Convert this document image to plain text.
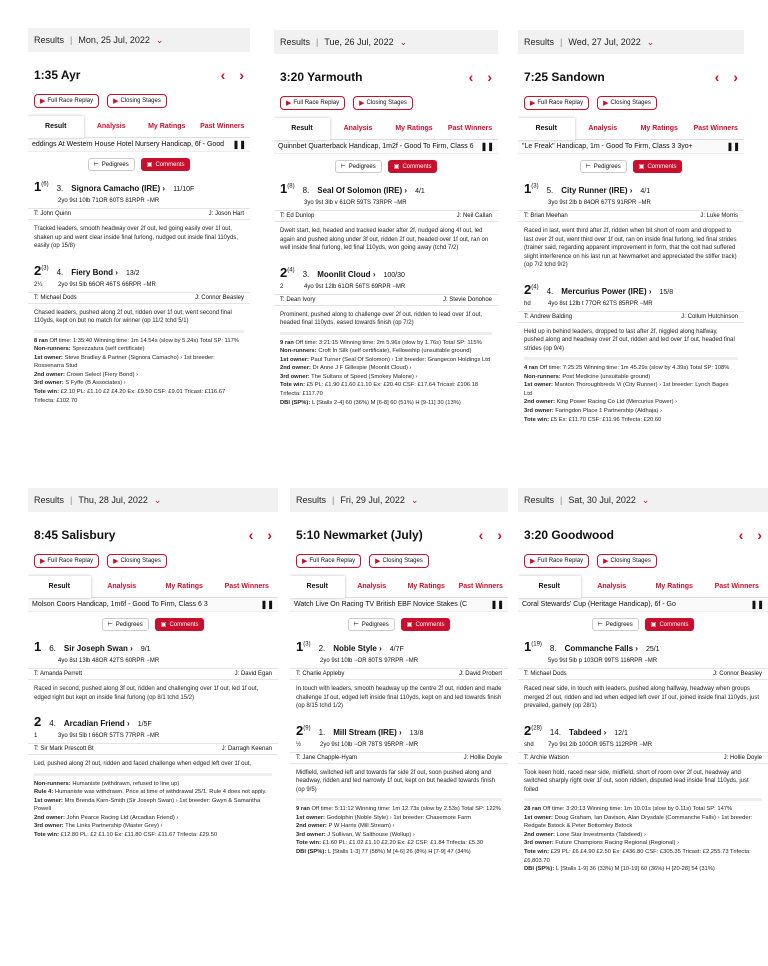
Results | Mon, 25 Jul, 2022 ⌄
1:35 Ayr	‹ ›
▶ Full Race Replay	▶ Closing Stages
Result	Analysis	My Ratings	Past Winners
eddings At Western House Hotel Nursery Handicap, 6f - Good ❚❚
⊢ Pedigrees	▣ Comments
1$^{(6)}$ 3. Signora Camacho (IRE) › 11/10F
2yo 9st 10lb 71OR 60TS 81RPR −MR
T: John Quinn	J: Joson Hart
Tracked leaders, smooth headway over 2f out, led going easily over 1f out, shaken up and went clear inside final furlong, nudged out inside final 110yds, easily (op 15/8)
2$^{(3)}$ 4. Fiery Bond › 13/2
2¼	2yo 9st 5lb 66OR 46TS 66RPR −MR
T: Michael Dods	J: Connor Beasley
Chased leaders, pushed along 2f out, ridden over 1f out, went second final 110yds, kept on but no match for winner (op 11/2 tchd 5/1)
8 ran Off time: 1:35:40 Winning time: 1m 14.54s (slow by 5.24s) Total SP: 117%
Non-runners: Sprezzatura (self certificate)
1st owner: Steve Bradley & Partner (Signora Camacho) › 1st breeder: Rossenarra Stud
2nd owner: Crown Select (Fiery Bond) ›
3rd owner: S Fyffe (B Associates) ›
Tote win: £2.10 PL: £1.10 £2 £4.20 Ex: £9.50 CSF: £9.01 Tricast: £116.67 Trifecta: £102.70
Results | Tue, 26 Jul, 2022 ⌄
3:20 Yarmouth	‹ ›
▶ Full Race Replay	▶ Closing Stages
Result	Analysis	My Ratings	Past Winners
Quinnbet Quarterback Handicap, 1m2f - Good To Firm, Class 6 ❚❚
⊢ Pedigrees	▣ Comments
1$^{(8)}$ 8. Seal Of Solomon (IRE) › 4/1
3yo 9st 3lb v 61OR 59TS 73RPR −MR
T: Ed Dunlop	J: Neil Callan
Dwelt start, led, headed and tracked leader after 2f, nudged along 4f out, led again and pushed along under 3f out, ridden 2f out, headed over 1f out, ran on well inside final furlong, led final 110yds, won going away (tchd 7/2)
2$^{(4)}$ 3. Moonlit Cloud › 100/30
2	4yo 9st 12lb 61OR 56TS 69RPR −MR
T: Dean Ivory	J: Stevie Donohoe
Prominent, pushed along to challenge over 2f out, ridden to lead over 1f out, headed final 110yds, eased towards finish (op 7/2)
9 ran Off time: 3:21:15 Winning time: 2m 5.96s (slow by 1.76s) Total SP: 115%
Non-runners: Croft In Silk (self certificate), Fellowship (unsuitable ground)
1st owner: Paul Turner (Seal Of Solomon) › 1st breeder: Grangecon Holdings Ltd
2nd owner: Dr Anne J F Gillespie (Moonlit Cloud) ›
3rd owner: The Sultans of Speed (Smokey Malone) ›
Tote win: £5 PL: £1.90 £1.60 £1.10 Ex: £20.40 CSF: £17.64 Tricast: £106.18 Trifecta: £117.70
DBI (SP%): L [Stalls 2-4] 60 (36%) M [6-8] 60 (51%) H [9-11] 30 (13%)
Results | Wed, 27 Jul, 2022 ⌄
7:25 Sandown	‹ ›
▶ Full Race Replay	▶ Closing Stages
Result	Analysis	My Ratings	Past Winners
"Le Freak" Handicap, 1m - Good To Firm, Class 3 3yo+	❚❚
⊢ Pedigrees	▣ Comments
1$^{(3)}$ 5. City Runner (IRE) › 4/1
3yo 9st 2lb b 84OR 67TS 91RPR −MR
T: Brian Meehan	J: Luke Morris
Raced in last, went third after 2f, ridden when bit short of room and dropped to last over 2f out, went third over 1f out, ran on inside final furlong, led final strides (trainer said, regarding apparent improvement in form, that the colt had suffered slight interference on his last run at Newmarket and appreciated the stiffer track) (op 7/2 tchd 9/2)
2$^{(4)}$ 4. Mercurius Power (IRE) › 15/8
hd	4yo 8st 12lb t 77OR 62TS 85RPR −MR
T: Andrew Balding	J: Collum Hutchinson
Held up in behind leaders, dropped to last after 2f, niggled along halfway, pushed along and headway over 2f out, ridden and led over 1f out, headed final strides (op 9/4)
4 ran Off time: 7:25:25 Winning time: 1m 45.29s (slow by 4.39s) Total SP: 108%
Non-runners: Post Medicine (unsuitable ground)
1st owner: Manton Thoroughbreds Vi (City Runner) › 1st breeder: Lynch Bages Ltd
2nd owner: King Power Racing Co Ltd (Mercurius Power) ›
3rd owner: Faringdon Place 1 Partnership (Aldhaja) ›
Tote win: £5 Ex: £11.70 CSF: £11.96 Trifecta: £20.60
Results | Thu, 28 Jul, 2022 ⌄
8:45 Salisbury	‹ ›
▶ Full Race Replay	▶ Closing Stages
Result	Analysis	My Ratings	Past Winners
Molson Coors Handicap, 1m6f - Good To Firm, Class 6 3	❚❚
⊢ Pedigrees	▣ Comments
1 6. Sir Joseph Swan › 9/1
4yo 8st 13lb 48OR 42TS 60RPR −MR
T: Amanda Perrett	J: David Egan
Raced in second, pushed along 3f out, ridden and challenging over 1f out, led 1f out, edged right but kept on inside final furlong (op 8/1 tchd 15/2)
2 4. Arcadian Friend › 1/5F
1	3yo 9st 5lb t 66OR 57TS 77RPR −MR
T: Sir Mark Prescott Bt	J: Darragh Keenan
Led, pushed along 2f out, ridden and faced challenge when edged left over 1f out,
Non-runners: Humaniste (withdrawn, refused to line up)
Rule 4: Humaniste was withdrawn. Price at time of withdrawal 25/1. Rule 4 does not apply.
1st owner: Mrs Brenda Karn-Smith (Sir Joseph Swan) › 1st breeder: Gwyn & Samantha Powell
2nd owner: John Pearce Racing Ltd (Arcadian Friend) ›
3rd owner: The Links Partnership (Master Grey) ›
Tote win: £12.80 PL: £2 £1.10 Ex: £11.80 CSF: £11.67 Trifecta: £29.50
Results | Fri, 29 Jul, 2022 ⌄
5:10 Newmarket (July)	‹ ›
▶ Full Race Replay	▶ Closing Stages
Result	Analysis	My Ratings	Past Winners
Watch Live On Racing TV British EBF Novice Stakes (C	❚❚
⊢ Pedigrees	▣ Comments
1$^{(3)}$ 2. Noble Style › 4/7F
2yo 9st 10lb −OR 80TS 97RPR −MR
T: Charlie Appleby	J: David Probert
In touch with leaders, smooth headway up the centre 2f out, ridden and made challenge 1f out, edged left inside final 110yds, kept on and led towards finish (op 8/15 tchd 1/2)
2$^{(9)}$ 1. Mill Stream (IRE) › 13/8
½	2yo 9st 10lb −OR 78TS 95RPR −MR
T: Jane Chapple-Hyam	J: Hollie Doyle
Midfield, switched left and towards far side 2f out, soon pushed along and headway, ridden and led narrowly 1f out, kept on but headed towards finish (op 9/5)
9 ran Off time: 5:11:12 Winning time: 1m 12.73s (slow by 2.53s) Total SP: 122%
1st owner: Godolphin (Noble Style) › 1st breeder: Chasemore Farm
2nd owner: P W Harris (Mill Stream) ›
3rd owner: J Sullivan, W Salthouse (Wollup) ›
Tote win: £1.60 PL: £1.02 £1.10 £2.20 Ex: £2 CSF: £1.84 Trifecta: £5.30
DBI (SP%): L [Stalls 1-3] 77 (58%) M [4-6] 26 (8%) H [7-9] 47 (34%)
Results | Sat, 30 Jul, 2022 ⌄
3:20 Goodwood	‹ ›
▶ Full Race Replay	▶ Closing Stages
Result	Analysis	My Ratings	Past Winners
Coral Stewards' Cup (Heritage Handicap), 6f - Go	❚❚
⊢ Pedigrees	▣ Comments
1$^{(19)}$ 8. Commanche Falls › 25/1
5yo 9st 5lb p 103OR 99TS 116RPR −MR
T: Michael Dods	J: Connor Beasley
Raced near side, in touch with leaders, pushed along halfway, headway when groups merged 2f out, ridden and led when edged left over 1f out, joined inside final 110yds, just prevailed, gamely (op 28/1)
2$^{(28)}$ 14. Tabdeed › 12/1
shd 7yo 9st 2lb 100OR 95TS 112RPR −MR
T: Archie Watson	J: Hollie Doyle
Took keen hold, raced near side, midfield, short of room over 2f out, headway and switched sharply right over 1f out, soon ridden, disputed lead inside final 110yds, just foiled
28 ran Off time: 3:20:13 Winning time: 1m 10.01s (slow by 0.11s) Total SP: 147%
1st owner: Doug Graham, Ian Davison, Alan Drysdale (Commanche Falls) › 1st breeder: Redgate Bstock & Peter Bottomley Bstock
2nd owner: Lone Star Investments (Tabdeed) ›
3rd owner: Future Champions Racing Regional (Regional) ›
Tote win: £29 PL: £6 £4.90 £2.50 Ex: £436.80 CSF: £305.35 Tricast: £2,255.73 Trifecta: £6,803.70
DBI (SP%): L [Stalls 1-9] 36 (33%) M [10-19] 60 (36%) H [20-28] 54 (31%)
